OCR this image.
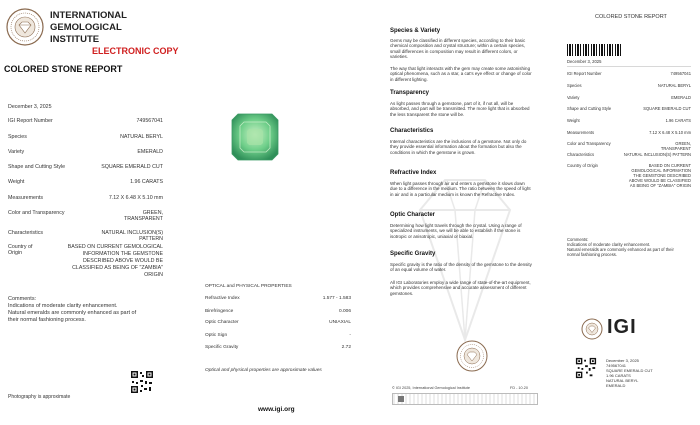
INTERNATIONAL
GEMOLOGICAL
INSTITUTE
ELECTRONIC COPY
COLORED STONE REPORT
December 3, 2025
IGI Report Number	749567041
Species	NATURAL BERYL
Variety	EMERALD
Shape and Cutting Style	SQUARE EMERALD CUT
Weight	1.96 CARATS
Measurements	7.12 X 6.48 X 5.10 mm
Color and Transparency	GREEN,
TRANSPARENT
Characteristics	NATURAL INCLUSION(S)
PATTERN
Country of
Origin
BASED ON CURRENT GEMOLOGICAL
INFORMATION THE GEMSTONE
DESCRIBED ABOVE WOULD BE
CLASSIFIED AS BEING OF "ZAMBIA"
ORIGIN
Comments:
Indications of moderate clarity enhancement.
Natural emeralds are commonly enhanced as part of
their normal fashioning process.
Photography is approximate
OPTICAL and PHYSICAL PROPERTIES
Refractive Index	1.577 - 1.583
Birefringence	0.006
Optic Character	UNIAXIAL
Optic Sign	-
Specific Gravity	2.72
Optical and physical properties are approximate values
www.igi.org
Species & Variety
Gems may be classified in different species, according to their basic chemical composition and crystal structure; within a certain species, small differences in composition may result in different colors, or varieties.
The way that light interacts with the gem may create some astonishing optical phenomena, such as a star, a cat's eye effect or change of color in different lighting.
Transparency
As light passes through a gemstone, part of it, if not all, will be absorbed, and part will be transmitted. The more light that is absorbed the less transparent the stone will be.
Characteristics
Internal characteristics are the inclusions of a gemstone. Not only do they provide essential information about the formation but also the conditions in which the gemstone is grown.
Refractive Index
When light passes through air and enters a gemstone it slows down due to a difference in the medium. The ratio between the speed of light in air and in a particular medium is known the Refractive Index.
Optic Character
Determining how light travels through the crystal. Using a range of specialized instruments, we will be able to establish if the stone is isotropic or anisotropic, uniaxial or biaxial.
Specific Gravity
Specific gravity is the ratio of the density of the gemstone to the density of an equal volume of water.
All IGI Laboratories employ a wide range of state-of-the-art equipment, which provides comprehensive and accurate assessment of different gemstones.
© IGI 2025, International Gemological Institute	FD - 10.20
COLORED STONE REPORT
December 3, 2025
IGI Report Number	749567041
Species	NATURAL BERYL
Variety	EMERALD
Shape and Cutting Style	SQUARE EMERALD CUT
Weight	1.96 CARATS
Measurements	7.12 X 6.48 X 5.10 mm
Color and Transparency	GREEN,
TRANSPARENT
Characteristics	NATURAL INCLUSION(S) PATTERN
Country of Origin	BASED ON CURRENT
GEMOLOGICAL INFORMATION
THE GEMSTONE DESCRIBED
ABOVE WOULD BE CLASSIFIED
AS BEING OF "ZAMBIA" ORIGIN
Comments:
Indications of moderate clarity enhancement.
Natural emeralds are commonly enhanced as part of their
normal fashioning process.
IGI
December 3, 2025
749567041
SQUARE EMERALD CUT
1.96 CARATS
NATURAL BERYL
EMERALD
